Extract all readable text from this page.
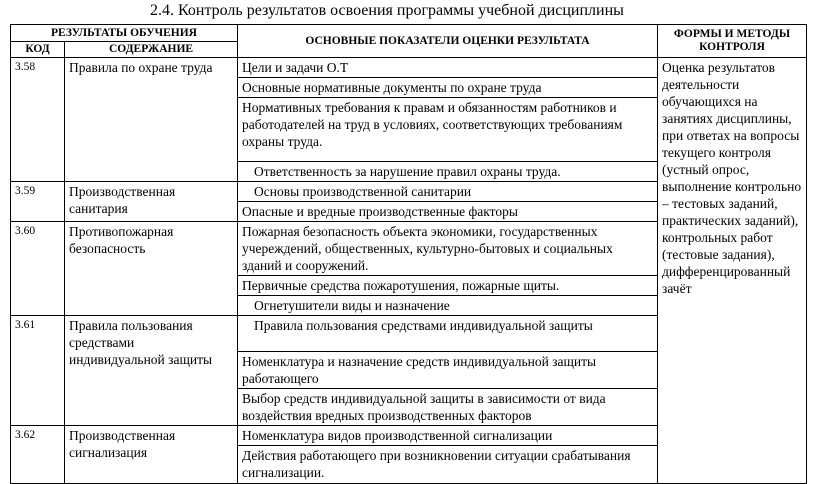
2.4. Контроль результатов освоения программы учебной дисциплины
РЕЗУЛЬТАТЫ ОБУЧЕНИЯ		ОСНОВНЫЕ ПОКАЗАТЕЛИ ОЦЕНКИ РЕЗУЛЬТАТА	ФОРМЫ И МЕТОДЫ КОНТРОЛЯ
КОД	СОДЕРЖАНИЕ		
3.58	Правила по охране труда	Цели и задачи О.Т	Оценка результатов деятельности обучающихся на занятиях дисциплины, при ответах на вопросы текущего контроля (устный опрос, выполнение контрольно – тестовых заданий, практических заданий), контрольных работ (тестовые задания), дифференцированный зачёт
		Основные нормативные документы по охране труда	
		Нормативных требования к правам и обязанностям работников и работодателей на труд в условиях, соответствующих требованиям охраны труда.	
		Ответственность за нарушение правил охраны труда.	
3.59	Производственная санитария	Основы производственной санитарии	
		Опасные и вредные производственные факторы	
3.60	Противопожарная безопасность	Пожарная безопасность объекта экономики, государственных учереждений, общественных, культурно-бытовых и социальных зданий и сооружений.	
		Первичные средства пожаротушения, пожарные щиты.	
		Огнетушители виды и назначение	
3.61	Правила пользования средствами индивидуальной защиты	Правила пользования средствами индивидуальной защиты	
		Номенклатура и назначение средств индивидуальной защиты работающего	
		Выбор средств индивидуальной защиты в зависимости от вида воздействия вредных производственных факторов	
3.62	Производственная сигнализация	Номенклатура видов производственной сигнализации	
		Действия работающего при возникновении ситуации срабатывания сигнализации.	
